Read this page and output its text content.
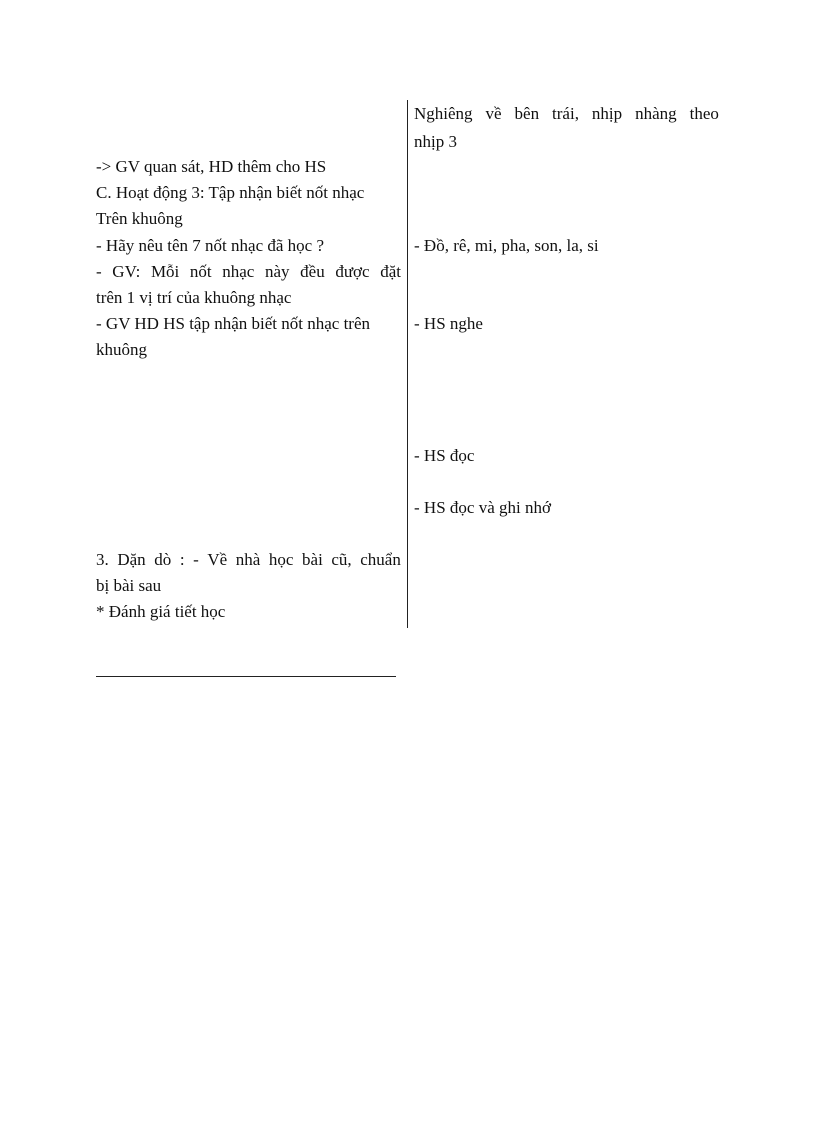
Nghiêng về bên trái, nhịp nhàng theo
nhịp 3
- Đồ, rê, mi, pha, son, la, si
- HS nghe
- HS đọc
- HS đọc và ghi nhớ
-> GV quan sát, HD thêm cho HS
C. Hoạt động 3: Tập nhận biết nốt nhạc
Trên khuông
- Hãy nêu tên 7 nốt nhạc đã học ?
- GV: Mỗi nốt nhạc này đều được đặt
trên 1 vị trí của khuông nhạc
- GV HD HS tập nhận biết nốt nhạc trên
khuông
3. Dặn dò : - Về nhà học bài cũ, chuẩn
bị bài sau
* Đánh giá tiết học
